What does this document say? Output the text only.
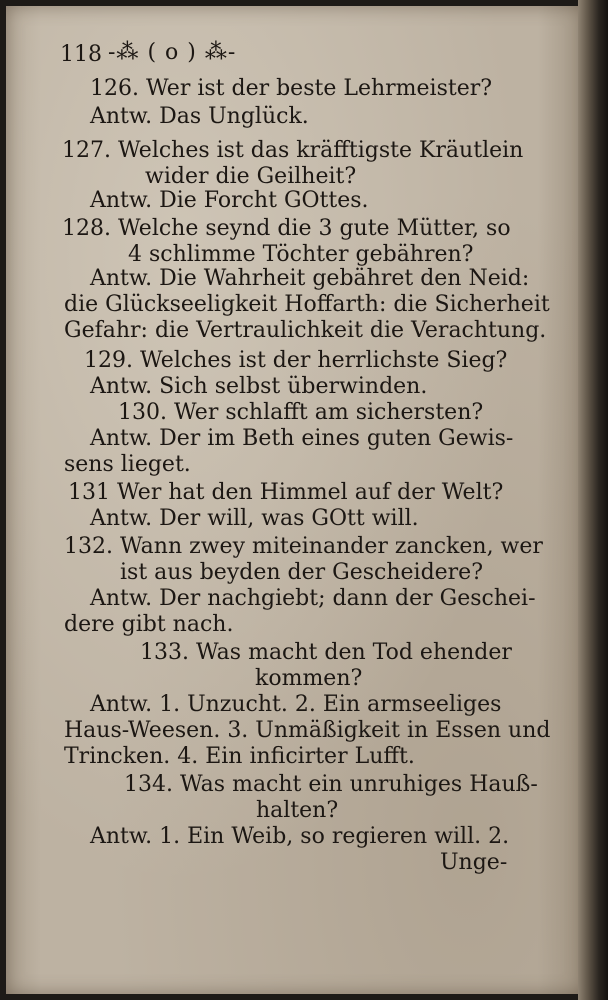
118 -⁂ ( o ) ⁂-
126. Wer ist der beste Lehrmeister?
Antw. Das Unglück.
127. Welches ist das kräfftigste Kräutlein
wider die Geilheit?
Antw. Die Forcht GOttes.
128. Welche seynd die 3 gute Mütter, so
4 schlimme Töchter gebähren?
Antw. Die Wahrheit gebähret den Neid:
die Glückseeligkeit Hoffarth: die Sicherheit
Gefahr: die Vertraulichkeit die Verachtung.
129. Welches ist der herrlichste Sieg?
Antw. Sich selbst überwinden.
130. Wer schlafft am sichersten?
Antw. Der im Beth eines guten Gewis-
sens lieget.
131 Wer hat den Himmel auf der Welt?
Antw. Der will, was GOtt will.
132. Wann zwey miteinander zancken, wer
ist aus beyden der Gescheidere?
Antw. Der nachgiebt; dann der Geschei-
dere gibt nach.
133. Was macht den Tod ehender
kommen?
Antw. 1. Unzucht. 2. Ein armseeliges
Haus-Weesen. 3. Unmäßigkeit in Essen und
Trincken. 4. Ein inficirter Lufft.
134. Was macht ein unruhiges Hauß-
halten?
Antw. 1. Ein Weib, so regieren will. 2.
Unge-
